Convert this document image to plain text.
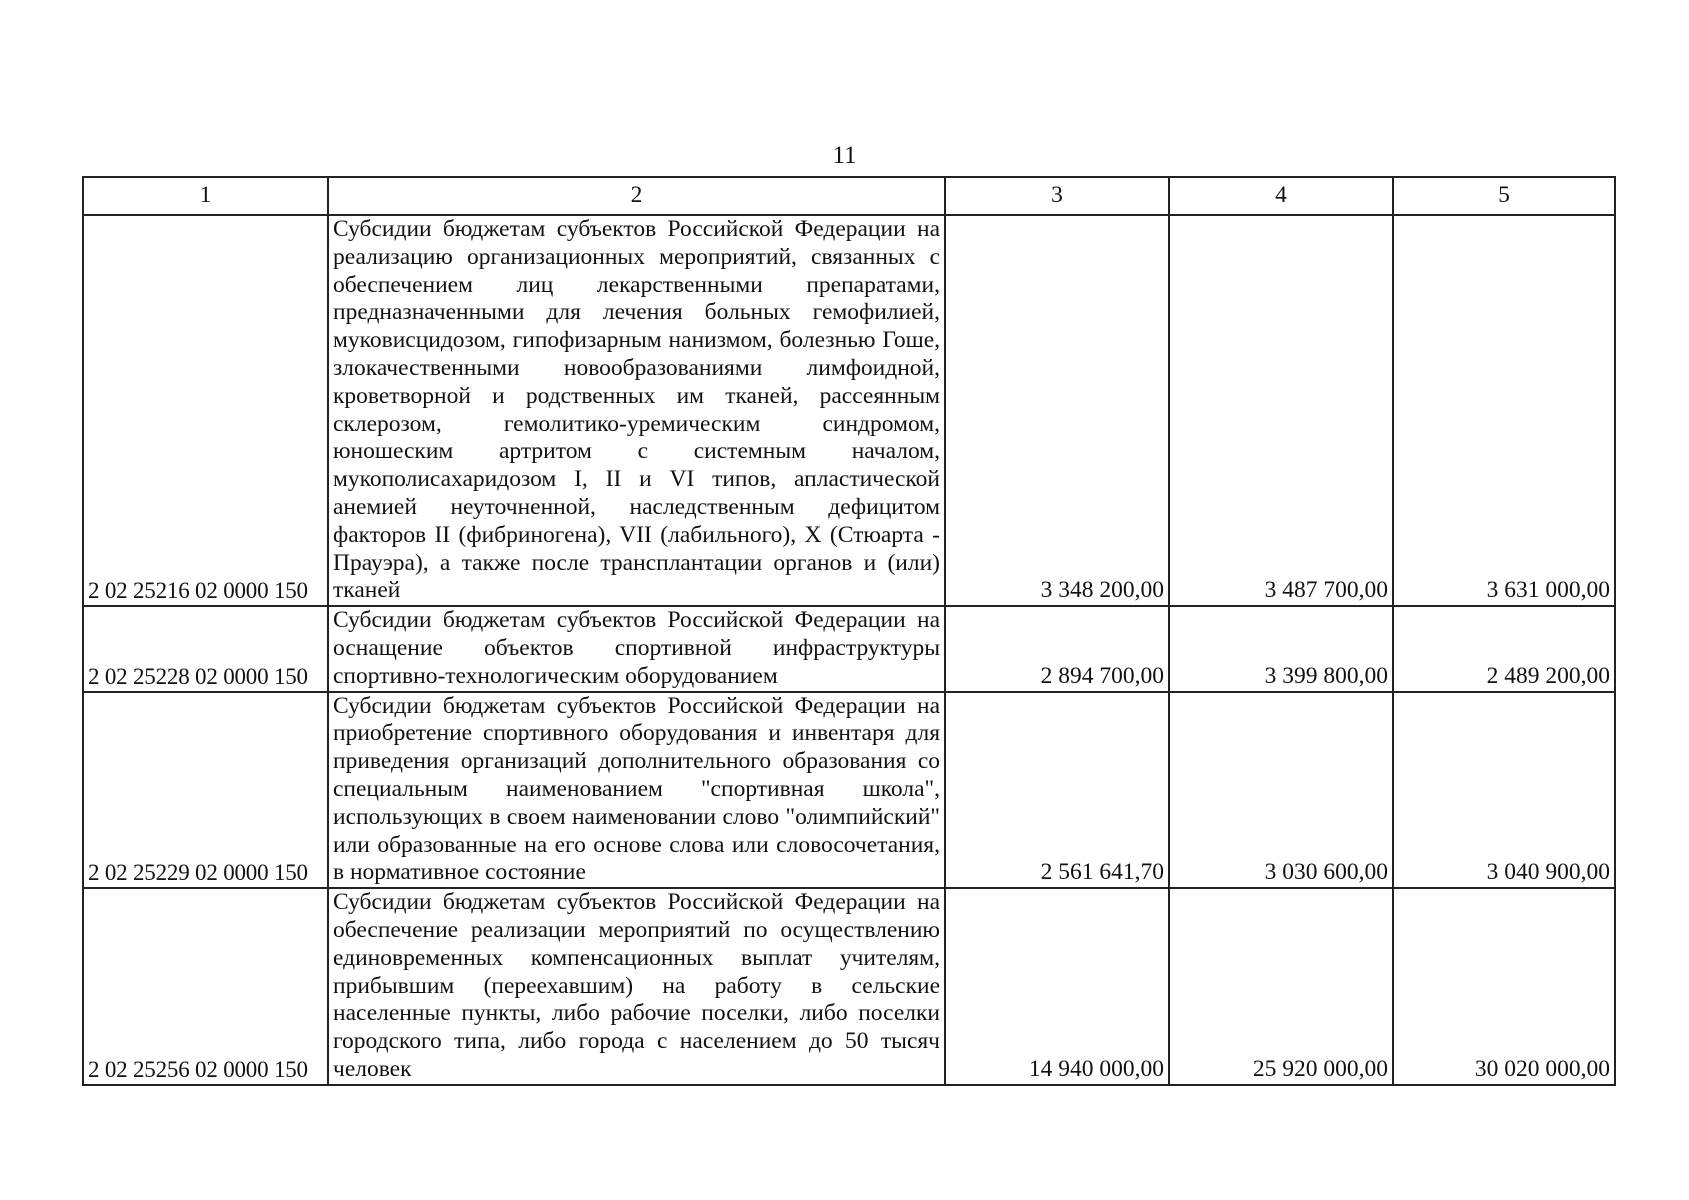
11
1	2	3	4	5
2 02 25216 02 0000 150	Субсидии бюджетам субъектов Российской Федерации на реализацию организационных мероприятий, связанных с обеспечением лиц лекарственными препаратами, предназначенными для лечения больных гемофилией, муковисцидозом, гипофизарным нанизмом, болезнью Гоше, злокачественными новообразованиями лимфоидной, кроветворной и родственных им тканей, рассеянным склерозом, гемолитико-уремическим синдромом, юношеским артритом с системным началом, мукополисахаридозом I, II и VI типов, апластической анемией неуточненной, наследственным дефицитом факторов II (фибриногена), VII (лабильного), X (Стюарта - Прауэра), а также после трансплантации органов и (или) тканей	3 348 200,00	3 487 700,00	3 631 000,00
2 02 25228 02 0000 150	Субсидии бюджетам субъектов Российской Федерации на оснащение объектов спортивной инфраструктуры спортивно-технологическим оборудованием	2 894 700,00	3 399 800,00	2 489 200,00
2 02 25229 02 0000 150	Субсидии бюджетам субъектов Российской Федерации на приобретение спортивного оборудования и инвентаря для приведения организаций дополнительного образования со специальным наименованием "спортивная школа", использующих в своем наименовании слово "олимпийский" или образованные на его основе слова или словосочетания, в нормативное состояние	2 561 641,70	3 030 600,00	3 040 900,00
2 02 25256 02 0000 150	Субсидии бюджетам субъектов Российской Федерации на обеспечение реализации мероприятий по осуществлению единовременных компенсационных выплат учителям, прибывшим (переехавшим) на работу в сельские населенные пункты, либо рабочие поселки, либо поселки городского типа, либо города с населением до 50 тысяч человек	14 940 000,00	25 920 000,00	30 020 000,00
